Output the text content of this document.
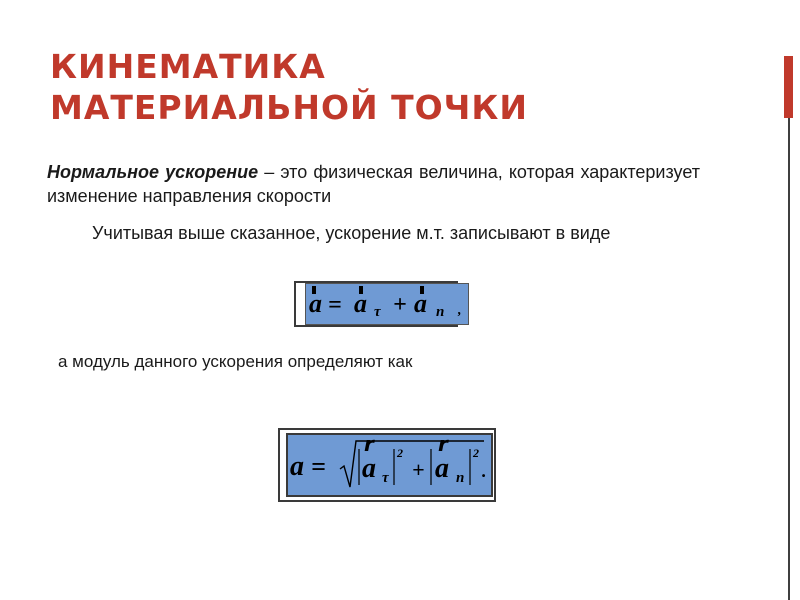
КИНЕМАТИКА
МАТЕРИАЛЬНОЙ ТОЧКИ
Нормальное ускорение – это физическая величина, которая характеризует изменение направления скорости
Учитывая выше сказанное, ускорение м.т. записывают в виде
a = a τ + a n ,
а модуль данного ускорения определяют как
a =
r	r
a τ
2
+ a n
2
.
